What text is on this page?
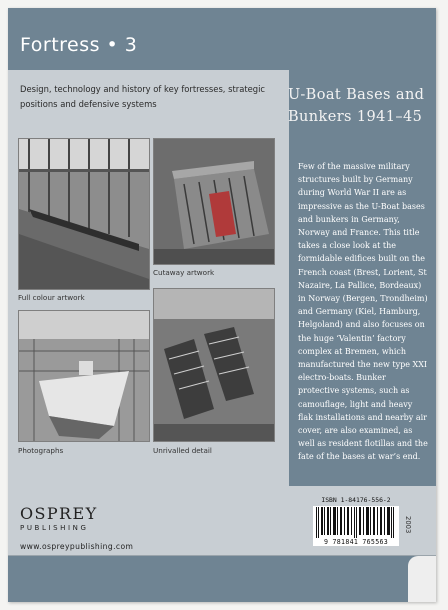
Fortress • 3
Design, technology and history of key fortresses, strategic positions and defensive systems
Full colour artwork
Cutaway artwork
Photographs	Unrivalled detail
U-Boat Bases and Bunkers 1941–45
Few of the massive military structures built by Germany during World War II are as impressive as the U-Boat bases and bunkers in Germany, Norway and France. This title takes a close look at the formidable edifices built on the French coast (Brest, Lorient, St Nazaire, La Pallice, Bordeaux) in Norway (Bergen, Trondheim) and Germany (Kiel, Hamburg, Helgoland) and also focuses on the huge ‘Valentin’ factory complex at Bremen, which manufactured the new type XXI electro-boats. Bunker protective systems, such as camouflage, light and heavy flak installations and nearby air cover, are also examined, as well as resident flotillas and the fate of the bases at war’s end.
ISBN 1-84176-556-2
9 781841 765563
OSPREY
PUBLISHING
www.ospreypublishing.com
2003
